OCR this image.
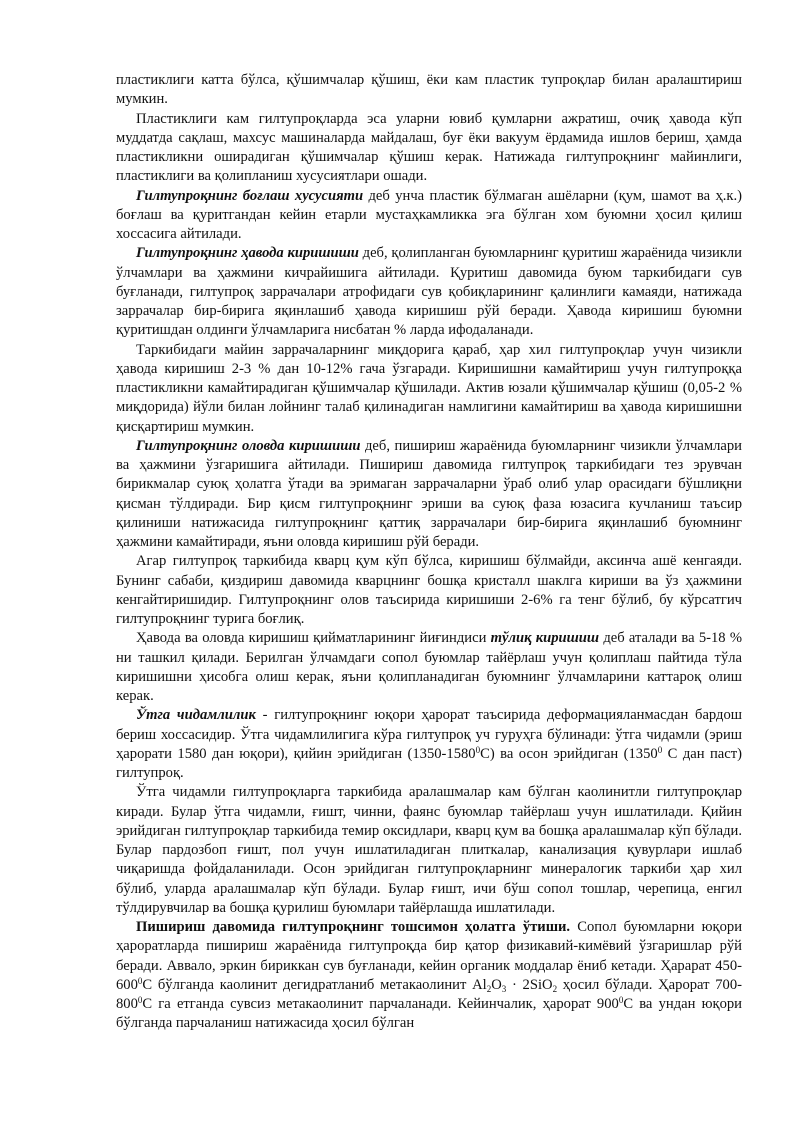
пластиклиги катта бўлса, қўшимчалар қўшиш, ёки кам пластик тупроқлар билан аралаштириш мумкин.

Пластиклиги кам гилтупроқларда эса уларни ювиб қумларни ажратиш, очиқ ҳавода кўп муддатда сақлаш, махсус машиналарда майдалаш, буғ ёки вакуум ёрдамида ишлов бериш, ҳамда пластикликни оширадиган қўшимчалар қўшиш керак. Натижада гилтупроқнинг майинлиги, пластиклиги ва қолипланиш хусусиятлари ошади.

Гилтупроқнинг боғлаш хусусияти деб унча пластик бўлмаган ашёларни (қум, шамот ва ҳ.к.) боғлаш ва қуритгандан кейин етарли мустаҳкамликка эга бўлган хом буюмни ҳосил қилиш хоссасига айтилади.

Гилтупроқнинг ҳавода киришиши деб, қолипланган буюмларнинг қуритиш жараёнида чизикли ўлчамлари ва ҳажмини кичрайишига айтилади. Қуритиш давомида буюм таркибидаги сув буғланади, гилтупроқ заррачалари атрофидаги сув қобиқларининг қалинлиги камаяди, натижада заррачалар бир-бирига яқинлашиб ҳавода киришиш рўй беради. Ҳавода киришиш буюмни қуритишдан олдинги ўлчамларига нисбатан % ларда ифодаланади.

Таркибидаги майин заррачаларнинг миқдорига қараб, ҳар хил гилтупроқлар учун чизикли ҳавода киришиш 2-3 % дан 10-12% гача ўзгаради. Киришишни камайтириш учун гилтупроққа пластикликни камайтирадиган қўшимчалар қўшилади. Актив юзали қўшимчалар қўшиш (0,05-2 % миқдорида) йўли билан лойнинг талаб қилинадиган намлигини камайтириш ва ҳавода киришишни қисқартириш мумкин.

Гилтупроқнинг оловда киришиши деб, пишириш жараёнида буюмларнинг чизикли ўлчамлари ва ҳажмини ўзгаришига айтилади. Пишириш давомида гилтупроқ таркибидаги тез эрувчан бирикмалар суюқ ҳолатга ўтади ва эримаган заррачаларни ўраб олиб улар орасидаги бўшлиқни қисман тўлдиради. Бир қисм гилтупроқнинг эриши ва суюқ фаза юзасига кучланиш таъсир қилиниши натижасида гилтупроқнинг қаттиқ заррачалари бир-бирига яқинлашиб буюмнинг ҳажмини камайтиради, яъни оловда киришиш рўй беради.

Агар гилтупроқ таркибида кварц қум кўп бўлса, киришиш бўлмайди, аксинча ашё кенгаяди. Бунинг сабаби, қиздириш давомида кварцнинг бошқа кристалл шаклга кириши ва ўз ҳажмини кенгайтиришидир. Гилтупроқнинг олов таъсирида киришиши 2-6% га тенг бўлиб, бу кўрсатгич гилтупроқнинг турига боғлиқ.

Ҳавода ва оловда киришиш қийматларининг йиғиндиси тўлиқ киришиш деб аталади ва 5-18 % ни ташкил қилади. Берилган ўлчамдаги сопол буюмлар тайёрлаш учун қолиплаш пайтида тўла киришишни ҳисобга олиш керак, яъни қолипланадиган буюмнинг ўлчамларини каттароқ олиш керак.

Ўтга чидамлилик - гилтупроқнинг юқори ҳарорат таъсирида деформацияланмасдан бардош бериш хоссасидир. Ўтга чидамлилигига кўра гилтупроқ уч гуруҳга бўлинади: ўтга чидамли (эриш ҳарорати 1580 дан юқори), қийин эрийдиган (1350-1580$^0$С) ва осон эрийдиган (1350$^0$ С дан паст) гилтупроқ.

Ўтга чидамли гилтупроқларга таркибида аралашмалар кам бўлган каолинитли гилтупроқлар киради. Булар ўтга чидамли, ғишт, чинни, фаянс буюмлар тайёрлаш учун ишлатилади. Қийин эрийдиган гилтупроқлар таркибида темир оксидлари, кварц қум ва бошқа аралашмалар кўп бўлади. Булар пардозбоп ғишт, пол учун ишлатиладиган плиткалар, канализация қувурлари ишлаб чиқаришда фойдаланилади. Осон эрийдиган гилтупроқларнинг минералогик таркиби ҳар хил бўлиб, уларда аралашмалар кўп бўлади. Булар ғишт, ичи бўш сопол тошлар, черепица, енгил тўлдирувчилар ва бошқа қурилиш буюмлари тайёрлашда ишлатилади.

Пишириш давомида гилтупроқнинг тошсимон ҳолатга ўтиши. Сопол буюмларни юқори ҳароратларда пишириш жараёнида гилтупроқда бир қатор физикавий-кимёвий ўзгаришлар рўй беради. Аввало, эркин бириккан сув буғланади, кейин органик моддалар ёниб кетади. Ҳарарат $450-600^0С$ бўлганда каолинит дегидратланиб метакаолинит $Al_2O_3 \cdot 2SiO_2$ ҳосил бўлади. Ҳарорат $700-800^0С$ га етганда сувсиз метакаолинит парчаланади. Кейинчалик, ҳарорат $900^0С$ ва ундан юқори бўлганда парчаланиш натижасида ҳосил бўлган
